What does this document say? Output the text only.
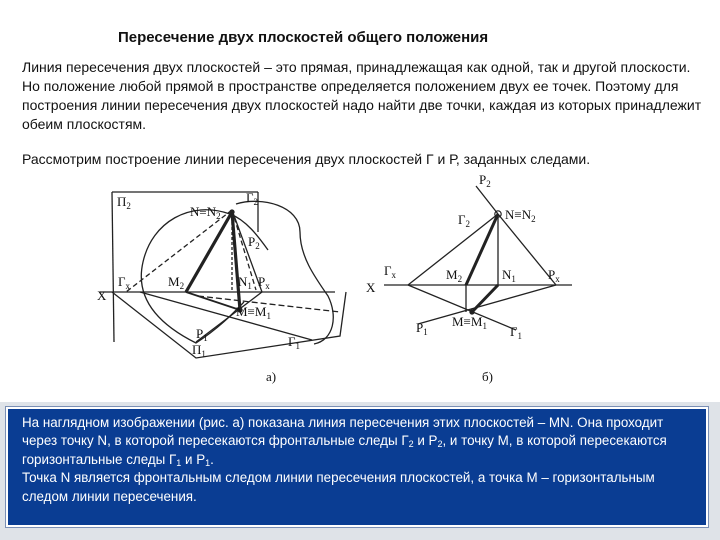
Пересечение двух плоскостей общего положения

Линия пересечения двух плоскостей – это прямая, принадлежащая как одной, так и другой плоскости. Но положение любой прямой в пространстве определяется положением двух ее точек. Поэтому для построения линии пересечения двух плоскостей надо найти две точки, каждая из которых принадлежит обеим плоскостям.

Рассмотрим построение линии пересечения двух плоскостей Г и Р, заданных следами.

$П_2$
$Г_2$
$N\equiv N_2$
$P_2$
$Г_x$
X
$M_2$	$N_1$ $P_x$
$M\equiv M_1$
$P_1$
$П_1$
$Г_1$
а)
$P_2$
$Г_2$
$N\equiv N_2$
$Г_x$
X
$M_2$	$N_1$ $P_x$
$P_1$
$M\equiv M_1$ $Г_1$
б)

На наглядном изображении (рис. а) показана линия пересечения этих плоскостей – MN. Она проходит через точку N, в которой пересекаются фронтальные следы $Г_2$ и $Р_2$, и точку М, в которой пересекаются горизонтальные следы $Г_1$ и $Р_1$.
Точка N является фронтальным следом линии пересечения плоскостей, а точка М – горизонтальным следом линии пересечения.
